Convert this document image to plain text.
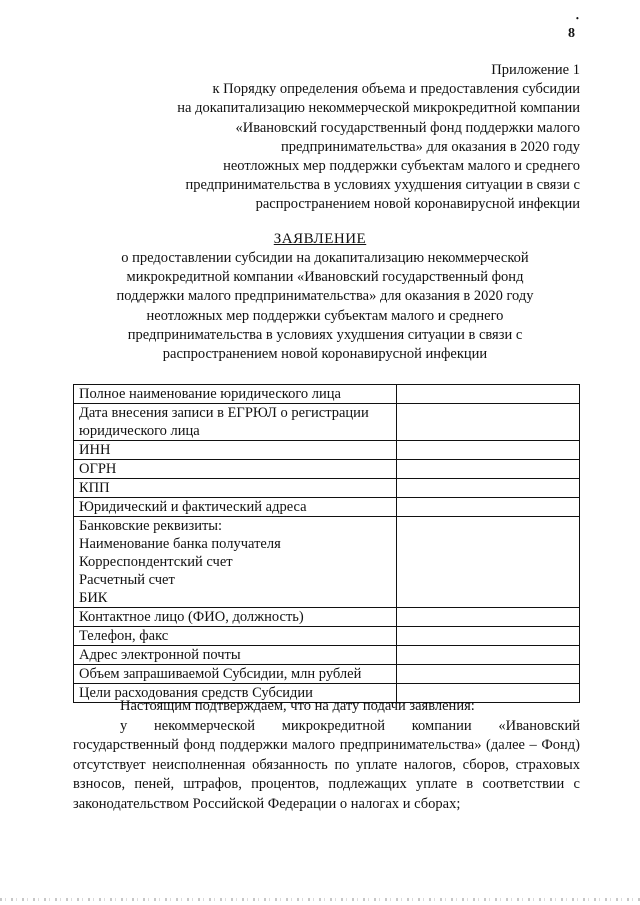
8 •
Приложение 1
к Порядку определения объема и предоставления субсидии
на докапитализацию некоммерческой микрокредитной компании
«Ивановский государственный фонд поддержки малого
предпринимательства» для оказания в 2020 году
неотложных мер поддержки субъектам малого и среднего
предпринимательства в условиях ухудшения ситуации в связи с
распространением новой коронавирусной инфекции
ЗАЯВЛЕНИЕ
о предоставлении субсидии на докапитализацию некоммерческой
микрокредитной компании «Ивановский государственный фонд
поддержки малого предпринимательства» для оказания в 2020 году
неотложных мер поддержки субъектам малого и среднего
предпринимательства в условиях ухудшения ситуации в связи с
распространением новой коронавирусной инфекции
Полное наименование юридического лица	
Дата внесения записи в ЕГРЮЛ о регистрации юридического лица	
ИНН	
ОГРН	
КПП	
Юридический и фактический адреса	

Банковские реквизиты:
Наименование банка получателя
Корреспондентский счет
Расчетный счет
БИК	

Контактное лицо (ФИО, должность)	
Телефон, факс	
Адрес электронной почты	
Объем запрашиваемой Субсидии, млн рублей	
Цели расходования средств Субсидии	

Настоящим подтверждаем, что на дату подачи заявления:

у некоммерческой микрокредитной компании «Ивановский государственный фонд поддержки малого предпринимательства» (далее – Фонд) отсутствует неисполненная обязанность по уплате налогов, сборов, страховых взносов, пеней, штрафов, процентов, подлежащих уплате в соответствии с законодательством Российской Федерации о налогах и сборах;
